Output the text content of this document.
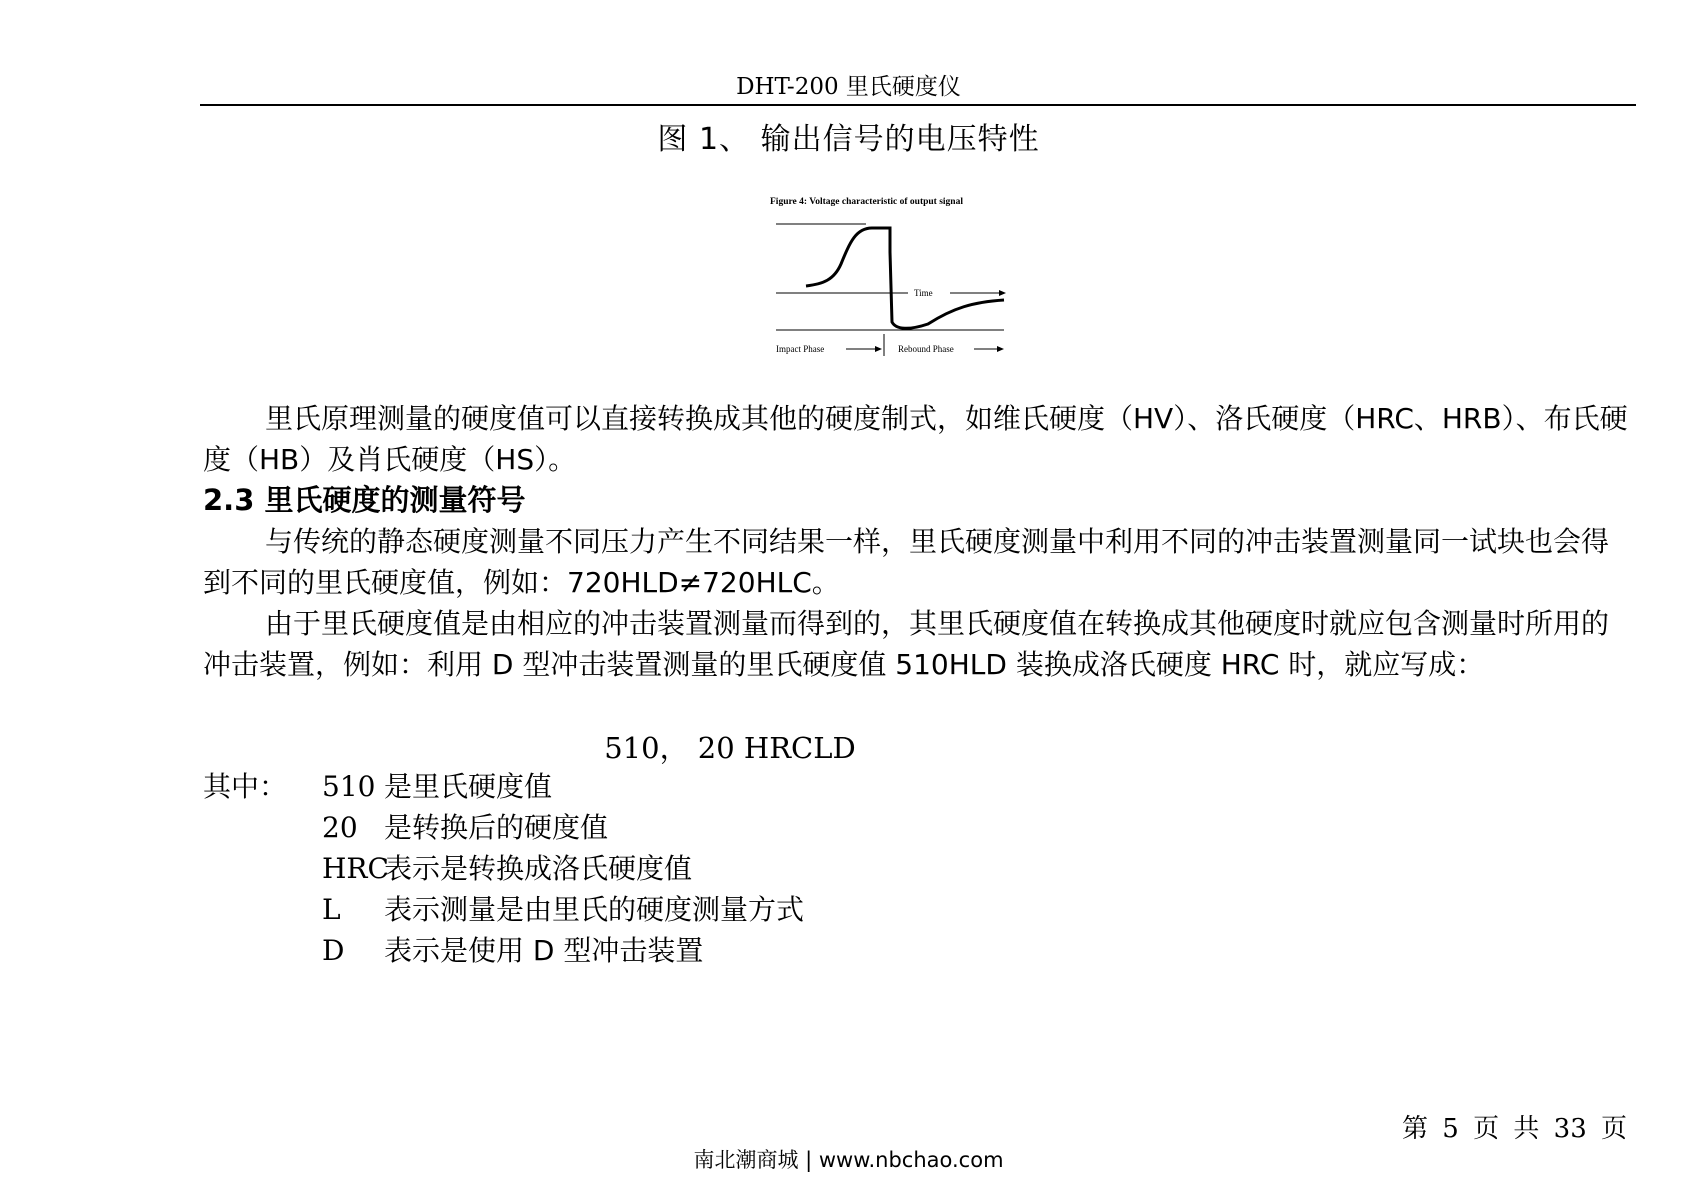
DHT-200 里氏硬度仪
图 1、 输出信号的电压特性
Figure 4: Voltage characteristic of output signal
Time
Impact Phase	Rebound Phase
里氏原理测量的硬度值可以直接转换成其他的硬度制式，如维氏硬度（HV）、洛氏硬度（HRC、HRB）、布氏硬度（HB）及肖氏硬度（HS）。
2.3 里氏硬度的测量符号
与传统的静态硬度测量不同压力产生不同结果一样，里氏硬度测量中利用不同的冲击装置测量同一试块也会得到不同的里氏硬度值，例如：720HLD≠720HLC。
由于里氏硬度值是由相应的冲击装置测量而得到的，其里氏硬度值在转换成其他硬度时就应包含测量时所用的冲击装置，例如：利用 D 型冲击装置测量的里氏硬度值 510HLD 装换成洛氏硬度 HRC 时，就应写成：
510， 20 HRCLD
其中： 510 是里氏硬度值
20 是转换后的硬度值
HRC表示是转换成洛氏硬度值
L 表示测量是由里氏的硬度测量方式
D 表示是使用 D 型冲击装置
第 5 页 共 33 页
南北潮商城 | www.nbchao.com
